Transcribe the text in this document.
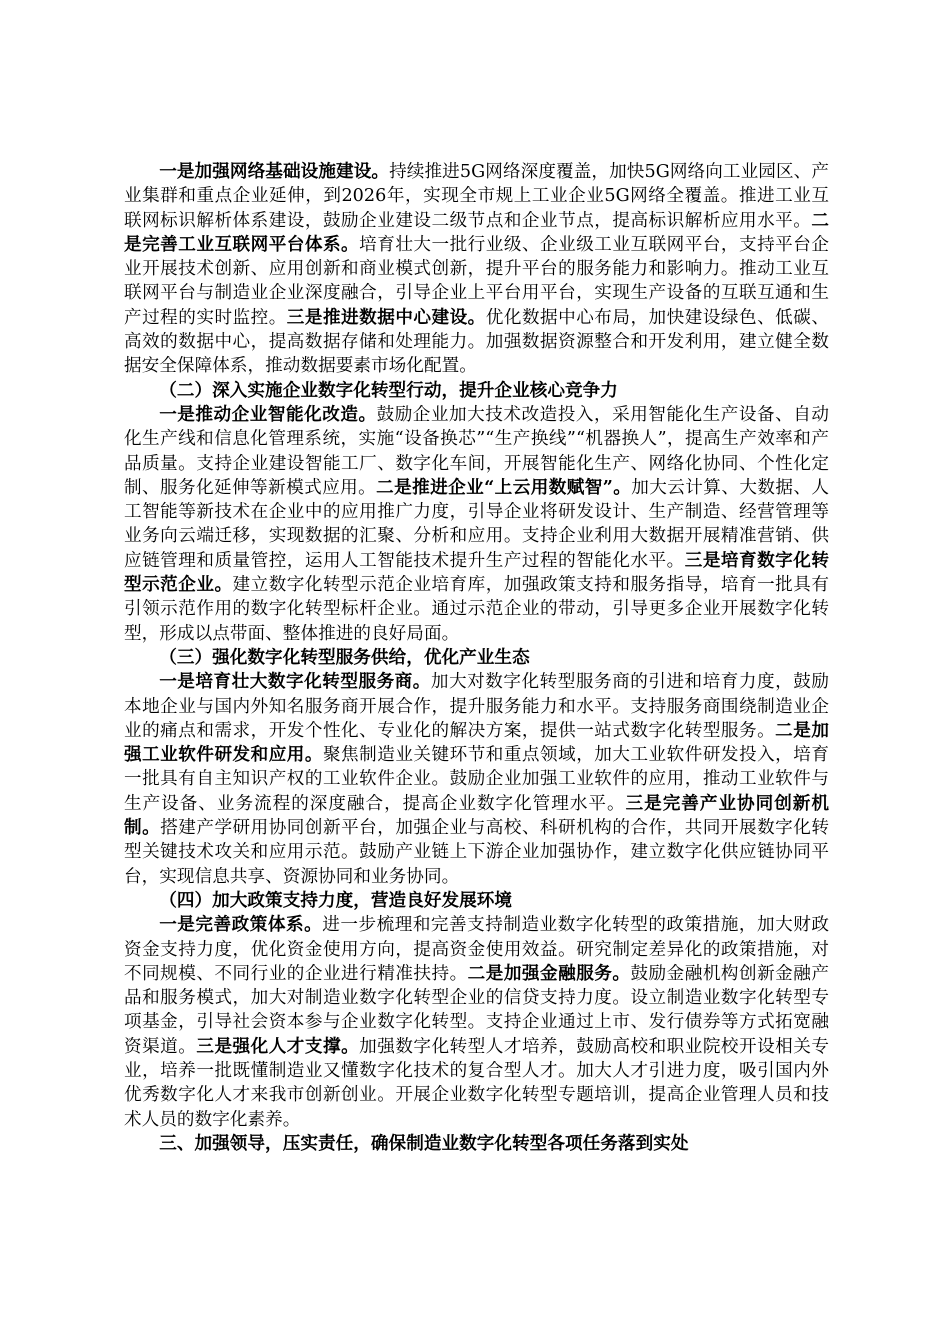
一是加强网络基础设施建设。持续推进5G网络深度覆盖，加快5G网络向工业园区、产业集群和重点企业延伸，到2026年，实现全市规上工业企业5G网络全覆盖。推进工业互联网标识解析体系建设，鼓励企业建设二级节点和企业节点，提高标识解析应用水平。二是完善工业互联网平台体系。培育壮大一批行业级、企业级工业互联网平台，支持平台企业开展技术创新、应用创新和商业模式创新，提升平台的服务能力和影响力。推动工业互联网平台与制造业企业深度融合，引导企业上平台用平台，实现生产设备的互联互通和生产过程的实时监控。三是推进数据中心建设。优化数据中心布局，加快建设绿色、低碳、高效的数据中心，提高数据存储和处理能力。加强数据资源整合和开发利用，建立健全数据安全保障体系，推动数据要素市场化配置。

（二）深入实施企业数字化转型行动，提升企业核心竞争力

一是推动企业智能化改造。鼓励企业加大技术改造投入，采用智能化生产设备、自动化生产线和信息化管理系统，实施“设备换芯”“生产换线”“机器换人”，提高生产效率和产品质量。支持企业建设智能工厂、数字化车间，开展智能化生产、网络化协同、个性化定制、服务化延伸等新模式应用。二是推进企业“上云用数赋智”。加大云计算、大数据、人工智能等新技术在企业中的应用推广力度，引导企业将研发设计、生产制造、经营管理等业务向云端迁移，实现数据的汇聚、分析和应用。支持企业利用大数据开展精准营销、供应链管理和质量管控，运用人工智能技术提升生产过程的智能化水平。三是培育数字化转型示范企业。建立数字化转型示范企业培育库，加强政策支持和服务指导，培育一批具有引领示范作用的数字化转型标杆企业。通过示范企业的带动，引导更多企业开展数字化转型，形成以点带面、整体推进的良好局面。

（三）强化数字化转型服务供给，优化产业生态

一是培育壮大数字化转型服务商。加大对数字化转型服务商的引进和培育力度，鼓励本地企业与国内外知名服务商开展合作，提升服务能力和水平。支持服务商围绕制造业企业的痛点和需求，开发个性化、专业化的解决方案，提供一站式数字化转型服务。二是加强工业软件研发和应用。聚焦制造业关键环节和重点领域，加大工业软件研发投入，培育一批具有自主知识产权的工业软件企业。鼓励企业加强工业软件的应用，推动工业软件与生产设备、业务流程的深度融合，提高企业数字化管理水平。三是完善产业协同创新机制。搭建产学研用协同创新平台，加强企业与高校、科研机构的合作，共同开展数字化转型关键技术攻关和应用示范。鼓励产业链上下游企业加强协作，建立数字化供应链协同平台，实现信息共享、资源协同和业务协同。

（四）加大政策支持力度，营造良好发展环境

一是完善政策体系。进一步梳理和完善支持制造业数字化转型的政策措施，加大财政资金支持力度，优化资金使用方向，提高资金使用效益。研究制定差异化的政策措施，对不同规模、不同行业的企业进行精准扶持。二是加强金融服务。鼓励金融机构创新金融产品和服务模式，加大对制造业数字化转型企业的信贷支持力度。设立制造业数字化转型专项基金，引导社会资本参与企业数字化转型。支持企业通过上市、发行债券等方式拓宽融资渠道。三是强化人才支撑。加强数字化转型人才培养，鼓励高校和职业院校开设相关专业，培养一批既懂制造业又懂数字化技术的复合型人才。加大人才引进力度，吸引国内外优秀数字化人才来我市创新创业。开展企业数字化转型专题培训，提高企业管理人员和技术人员的数字化素养。

三、加强领导，压实责任，确保制造业数字化转型各项任务落到实处
